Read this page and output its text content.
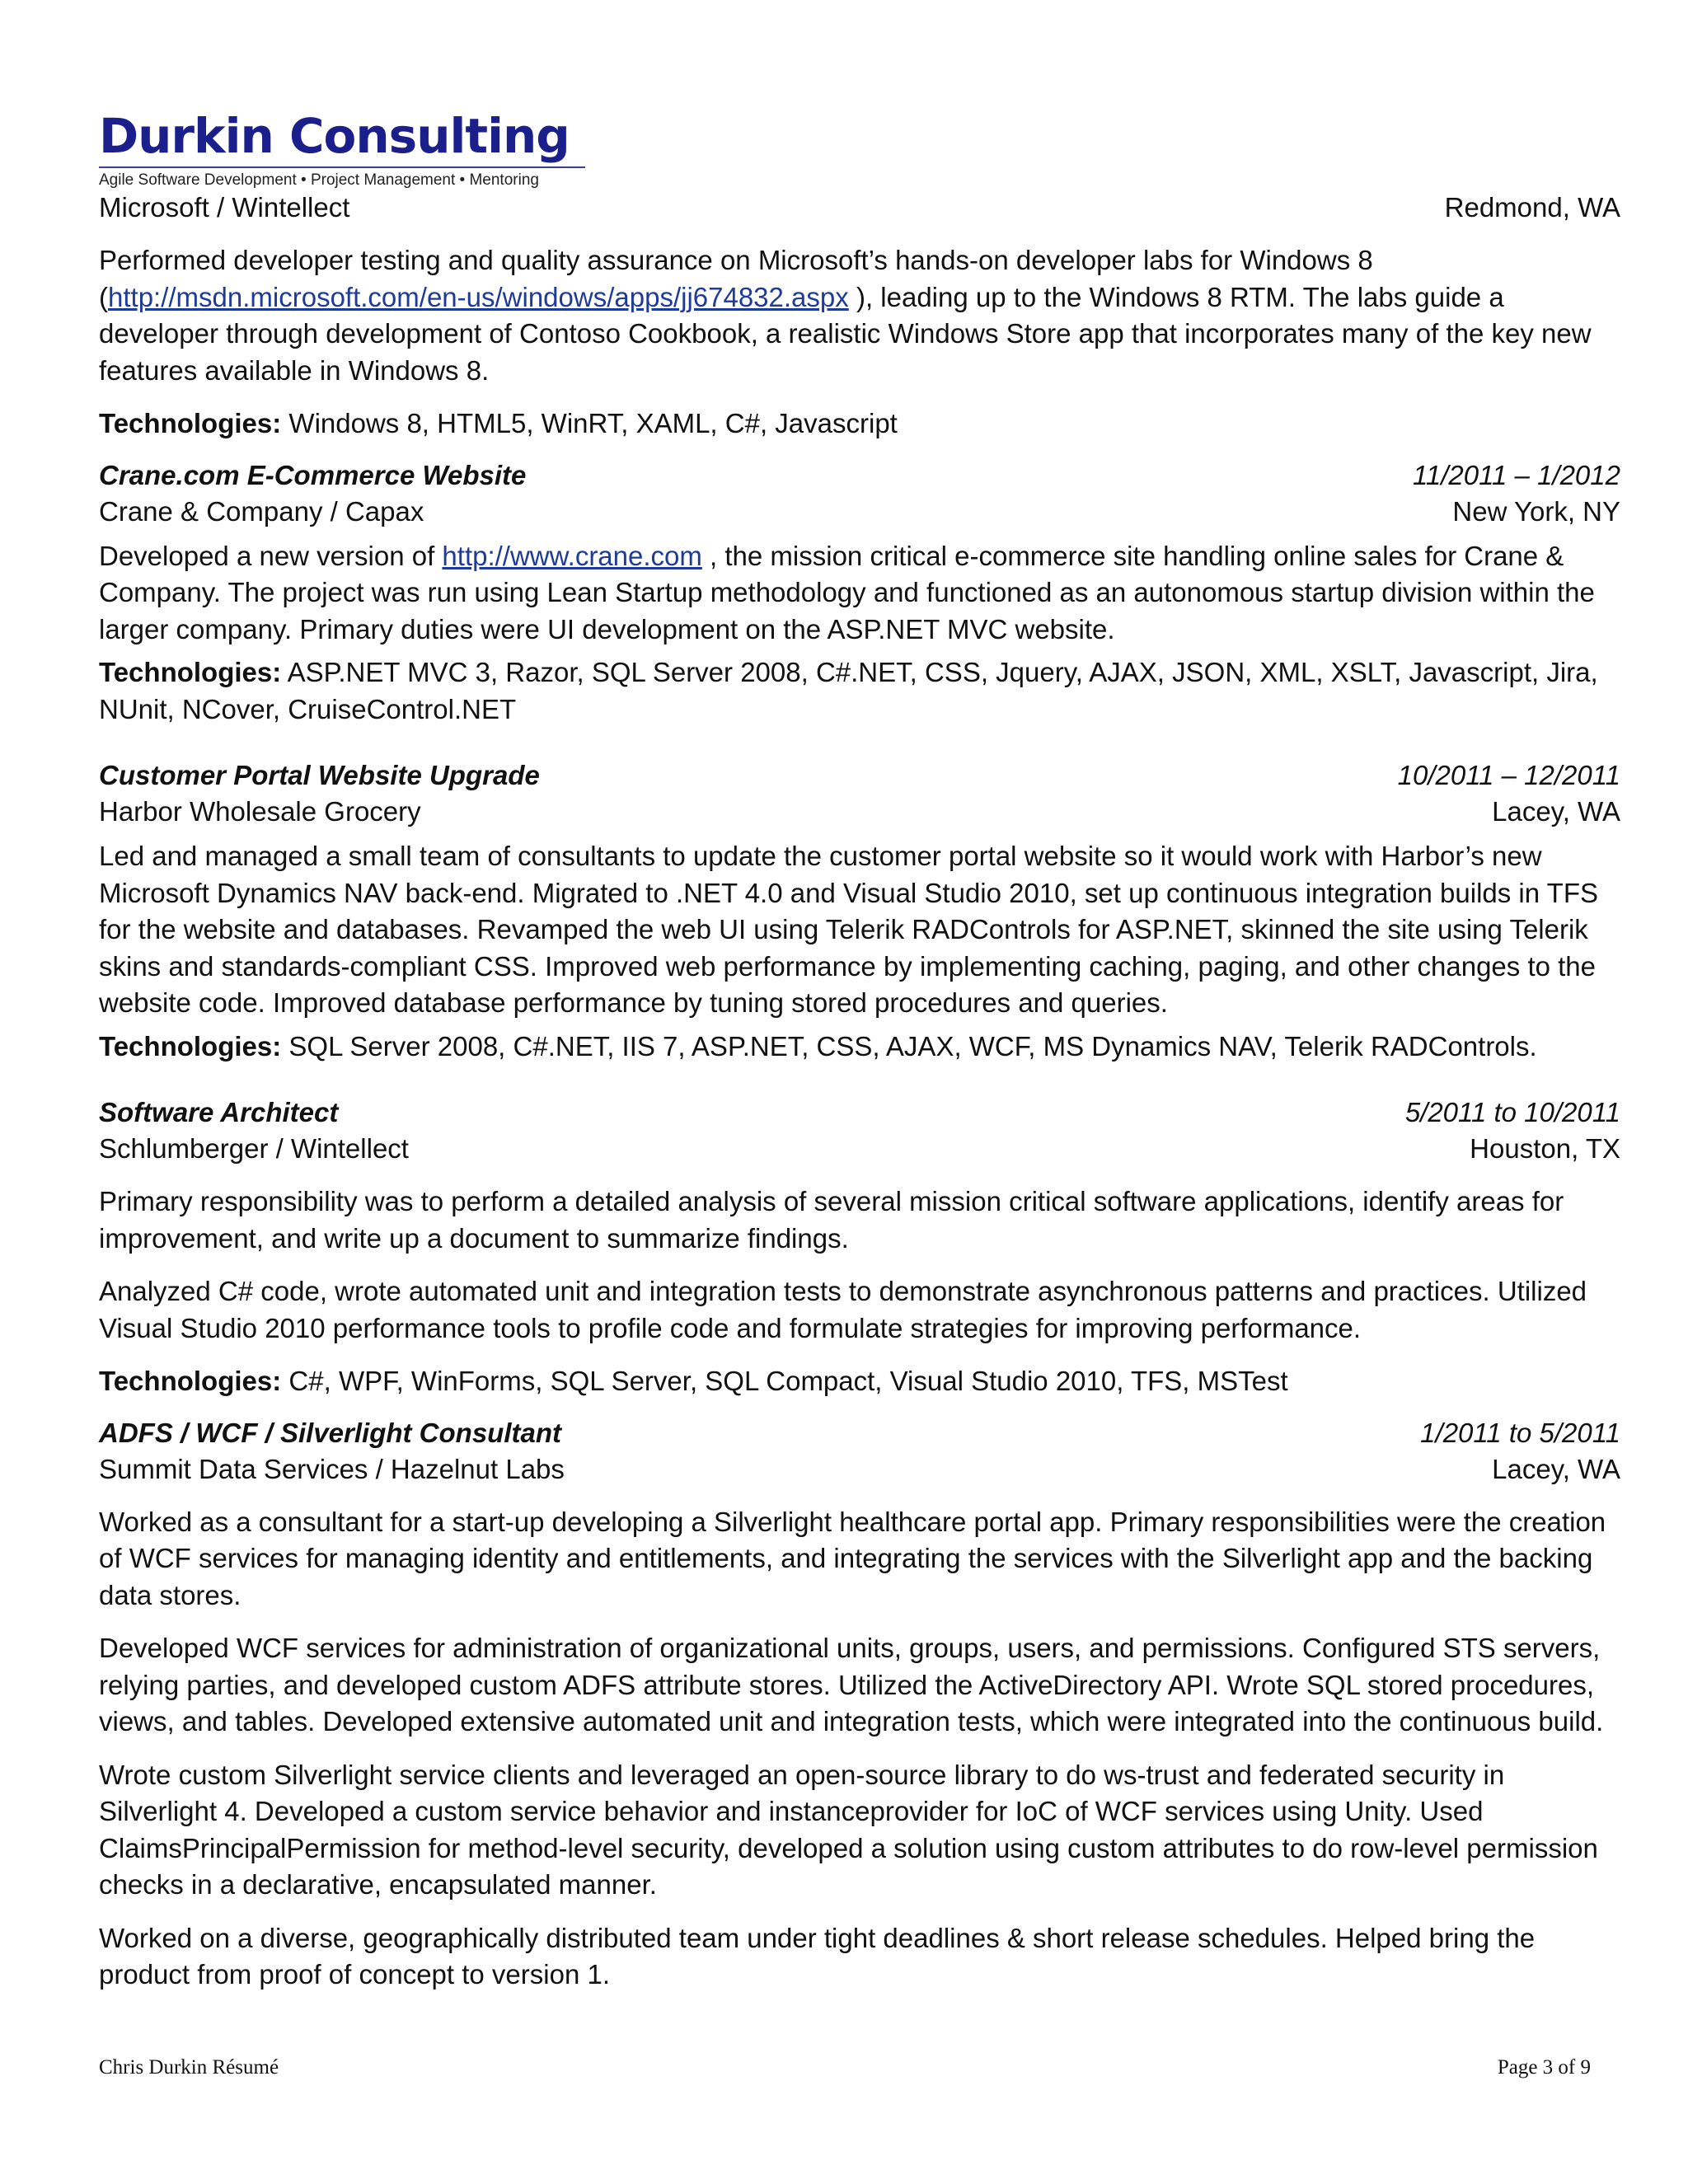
Durkin Consulting
Agile Software Development • Project Management • Mentoring
Microsoft / Wintellect	Redmond, WA

Performed developer testing and quality assurance on Microsoft’s hands-on developer labs for Windows 8 (http://msdn.microsoft.com/en-us/windows/apps/jj674832.aspx ), leading up to the Windows 8 RTM. The labs guide a developer through development of Contoso Cookbook, a realistic Windows Store app that incorporates many of the key new features available in Windows 8.

Technologies: Windows 8, HTML5, WinRT, XAML, C#, Javascript

Crane.com E-Commerce Website	11/2011 – 1/2012
Crane & Company / Capax	New York, NY

Developed a new version of http://www.crane.com , the mission critical e-commerce site handling online sales for Crane & Company. The project was run using Lean Startup methodology and functioned as an autonomous startup division within the larger company. Primary duties were UI development on the ASP.NET MVC website.

Technologies: ASP.NET MVC 3, Razor, SQL Server 2008, C#.NET, CSS, Jquery, AJAX, JSON, XML, XSLT, Javascript, Jira, NUnit, NCover, CruiseControl.NET

Customer Portal Website Upgrade	10/2011 – 12/2011
Harbor Wholesale Grocery	Lacey, WA

Led and managed a small team of consultants to update the customer portal website so it would work with Harbor’s new Microsoft Dynamics NAV back-end. Migrated to .NET 4.0 and Visual Studio 2010, set up continuous integration builds in TFS for the website and databases. Revamped the web UI using Telerik RADControls for ASP.NET, skinned the site using Telerik skins and standards-compliant CSS. Improved web performance by implementing caching, paging, and other changes to the website code. Improved database performance by tuning stored procedures and queries.

Technologies: SQL Server 2008, C#.NET, IIS 7, ASP.NET, CSS, AJAX, WCF, MS Dynamics NAV, Telerik RADControls.

Software Architect	5/2011 to 10/2011
Schlumberger / Wintellect	Houston, TX

Primary responsibility was to perform a detailed analysis of several mission critical software applications, identify areas for improvement, and write up a document to summarize findings.

Analyzed C# code, wrote automated unit and integration tests to demonstrate asynchronous patterns and practices. Utilized Visual Studio 2010 performance tools to profile code and formulate strategies for improving performance.

Technologies: C#, WPF, WinForms, SQL Server, SQL Compact, Visual Studio 2010, TFS, MSTest

ADFS / WCF / Silverlight Consultant	1/2011 to 5/2011
Summit Data Services / Hazelnut Labs	Lacey, WA

Worked as a consultant for a start-up developing a Silverlight healthcare portal app. Primary responsibilities were the creation of WCF services for managing identity and entitlements, and integrating the services with the Silverlight app and the backing data stores.

Developed WCF services for administration of organizational units, groups, users, and permissions. Configured STS servers, relying parties, and developed custom ADFS attribute stores. Utilized the ActiveDirectory API. Wrote SQL stored procedures, views, and tables. Developed extensive automated unit and integration tests, which were integrated into the continuous build.

Wrote custom Silverlight service clients and leveraged an open-source library to do ws-trust and federated security in Silverlight 4. Developed a custom service behavior and instanceprovider for IoC of WCF services using Unity. Used ClaimsPrincipalPermission for method-level security, developed a solution using custom attributes to do row-level permission checks in a declarative, encapsulated manner.

Worked on a diverse, geographically distributed team under tight deadlines & short release schedules. Helped bring the product from proof of concept to version 1.

Chris Durkin Résumé	Page 3 of 9
